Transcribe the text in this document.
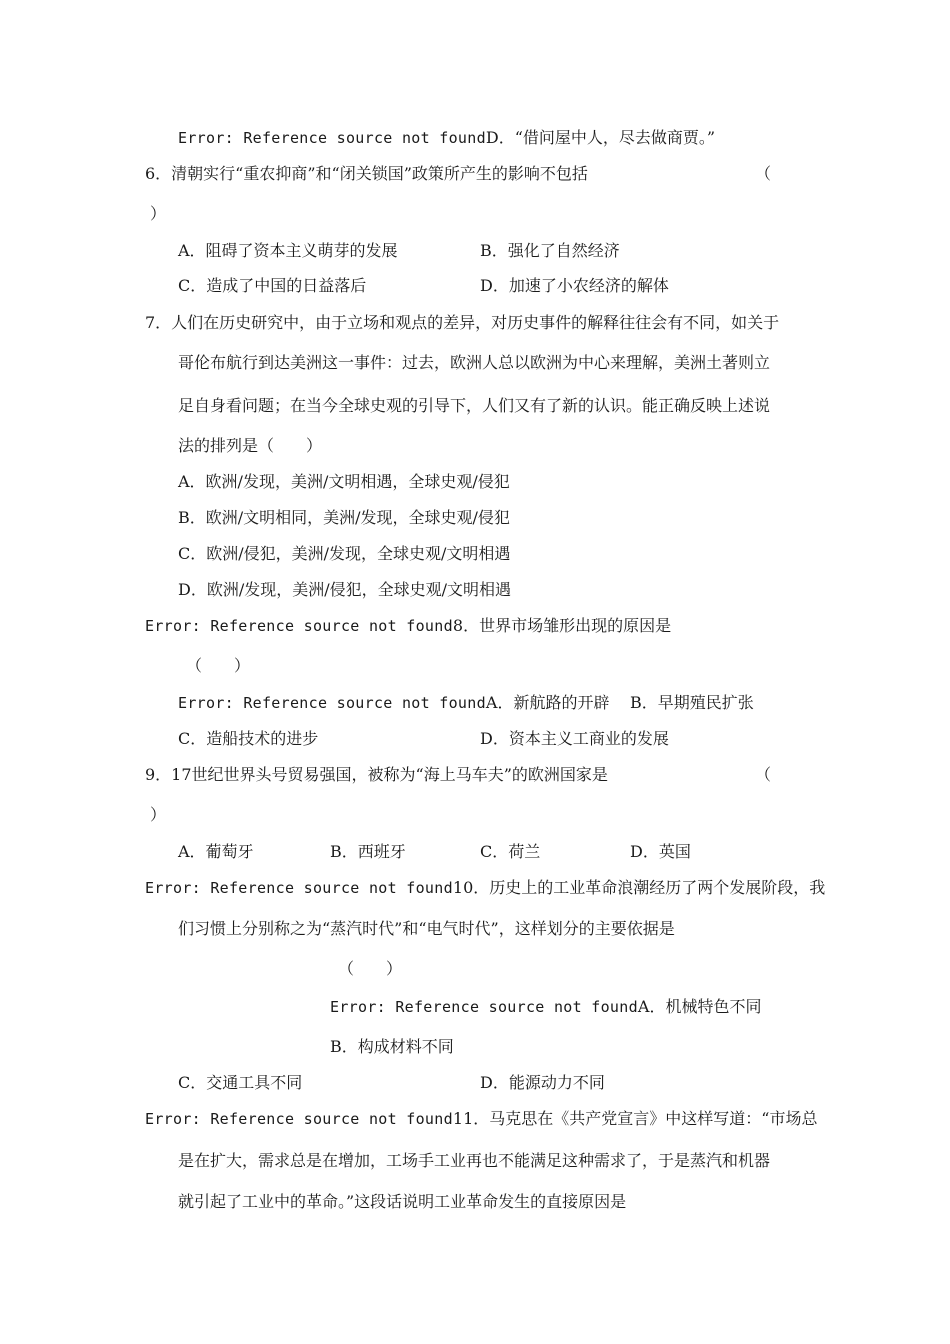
Error: Reference source not foundD．“借问屋中人，尽去做商贾。”
6．清朝实行“重农抑商”和“闭关锁国”政策所产生的影响不包括	（
）
A．阻碍了资本主义萌芽的发展	B．强化了自然经济
C．造成了中国的日益落后	D．加速了小农经济的解体
7．人们在历史研究中，由于立场和观点的差异，对历史事件的解释往往会有不同，如关于
哥伦布航行到达美洲这一事件：过去，欧洲人总以欧洲为中心来理解，美洲土著则立
足自身看问题；在当今全球史观的引导下，人们又有了新的认识。能正确反映上述说
法的排列是（　　）
A．欧洲/发现，美洲/文明相遇，全球史观/侵犯
B．欧洲/文明相同，美洲/发现，全球史观/侵犯
C．欧洲/侵犯，美洲/发现，全球史观/文明相遇
D．欧洲/发现，美洲/侵犯，全球史观/文明相遇
Error: Reference source not found8．世界市场雏形出现的原因是
（　　）
Error: Reference source not foundA．新航路的开辟 B．早期殖民扩张
C．造船技术的进步	D．资本主义工商业的发展
9．17世纪世界头号贸易强国，被称为“海上马车夫”的欧洲国家是	（
）
A．葡萄牙	B．西班牙	C．荷兰	D．英国
Error: Reference source not found10．历史上的工业革命浪潮经历了两个发展阶段，我
们习惯上分别称之为“蒸汽时代”和“电气时代”，这样划分的主要依据是
（　　）
Error: Reference source not foundA．机械特色不同
B．构成材料不同
C．交通工具不同	D．能源动力不同
Error: Reference source not found11．马克思在《共产党宣言》中这样写道：“市场总
是在扩大，需求总是在增加，工场手工业再也不能满足这种需求了，于是蒸汽和机器
就引起了工业中的革命。”这段话说明工业革命发生的直接原因是
